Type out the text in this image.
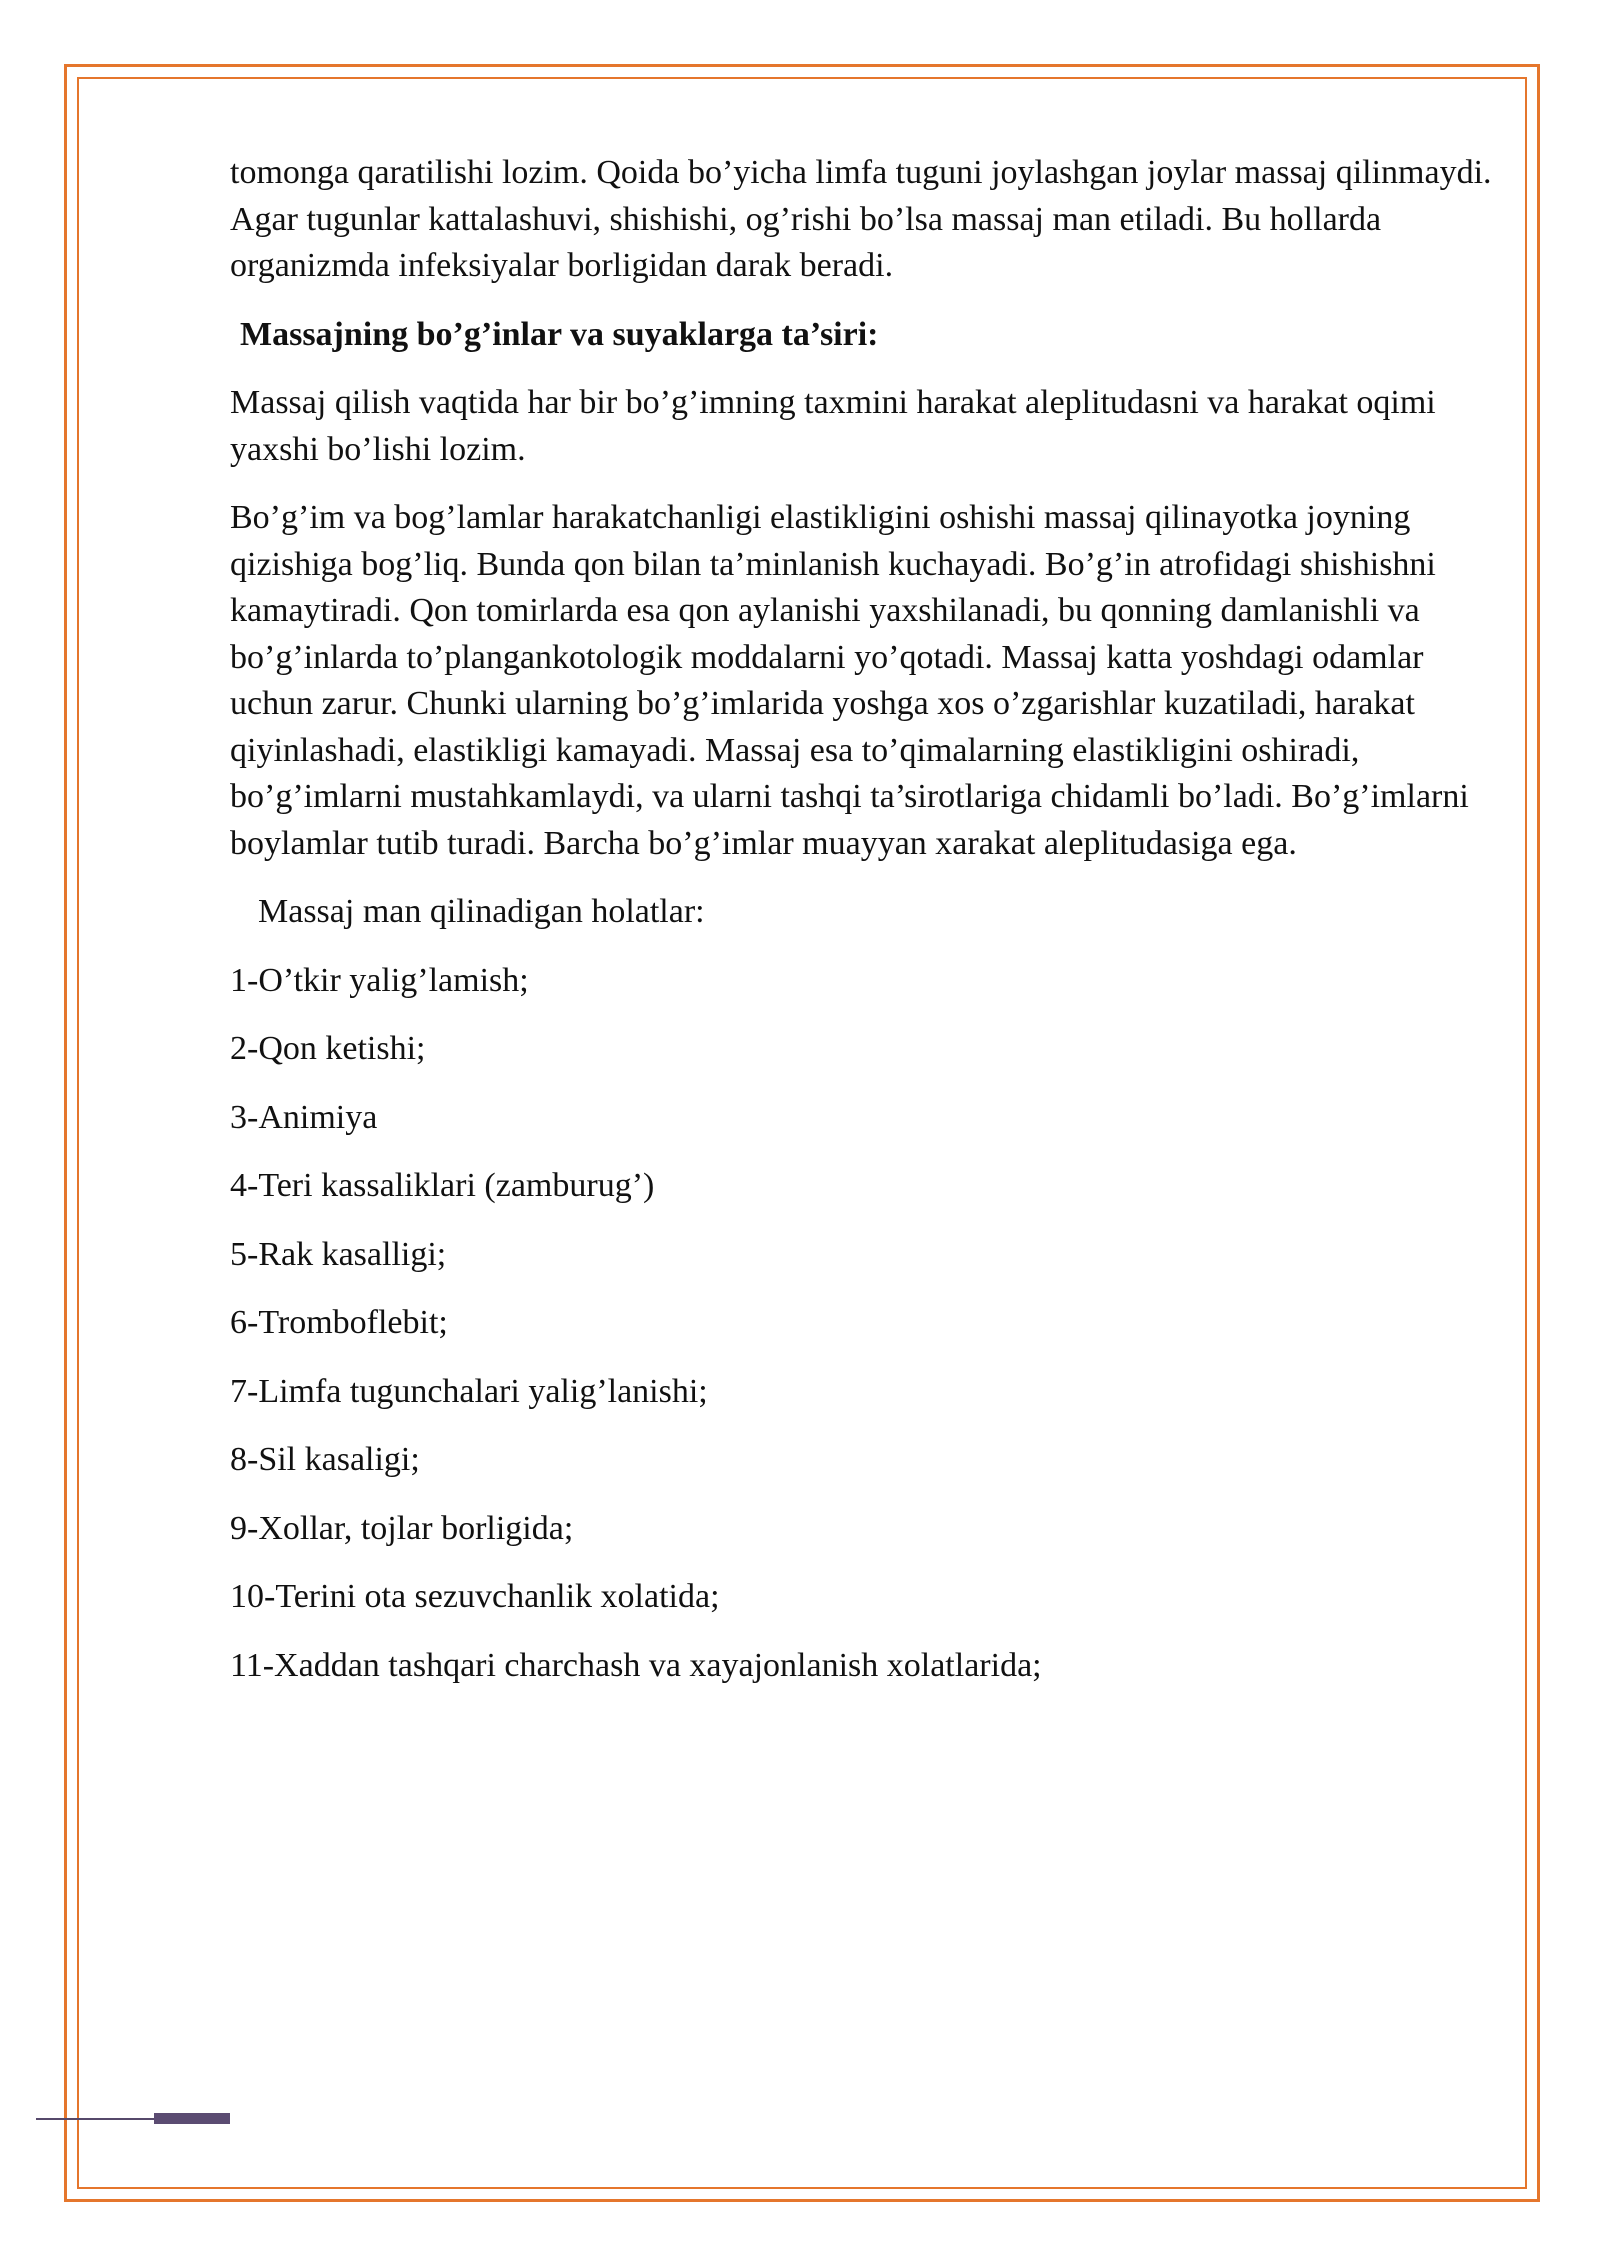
tomonga qaratilishi lozim. Qoida bo’yicha limfa tuguni joylashgan joylar massaj qilinmaydi. Agar tugunlar kattalashuvi, shishishi, og’rishi bo’lsa massaj man etiladi. Bu hollarda organizmda infeksiyalar borligidan darak beradi.

Massajning bo’g’inlar va suyaklarga ta’siri:

Massaj qilish vaqtida har bir bo’g’imning taxmini harakat aleplitudasni va harakat oqimi yaxshi bo’lishi lozim.

Bo’g’im va bog’lamlar harakatchanligi elastikligini oshishi massaj qilinayotka joyning qizishiga bog’liq. Bunda qon bilan ta’minlanish kuchayadi. Bo’g’in atrofidagi shishishni kamaytiradi. Qon tomirlarda esa qon aylanishi yaxshilanadi, bu qonning damlanishli va bo’g’inlarda to’plangankotologik moddalarni yo’qotadi. Massaj katta yoshdagi odamlar uchun zarur. Chunki ularning bo’g’imlarida yoshga xos o’zgarishlar kuzatiladi, harakat qiyinlashadi, elastikligi kamayadi. Massaj esa to’qimalarning elastikligini oshiradi, bo’g’imlarni mustahkamlaydi, va ularni tashqi ta’sirotlariga chidamli bo’ladi. Bo’g’imlarni boylamlar tutib turadi. Barcha bo’g’imlar muayyan xarakat aleplitudasiga ega.

Massaj man qilinadigan holatlar:

1-O’tkir yalig’lamish;
2-Qon ketishi;
3-Animiya
4-Teri kassaliklari (zamburug’)
5-Rak kasalligi;
6-Tromboflebit;
7-Limfa tugunchalari yalig’lanishi;
8-Sil kasaligi;
9-Xollar, tojlar borligida;
10-Terini ota sezuvchanlik xolatida;
11-Xaddan tashqari charchash va xayajonlanish xolatlarida;
